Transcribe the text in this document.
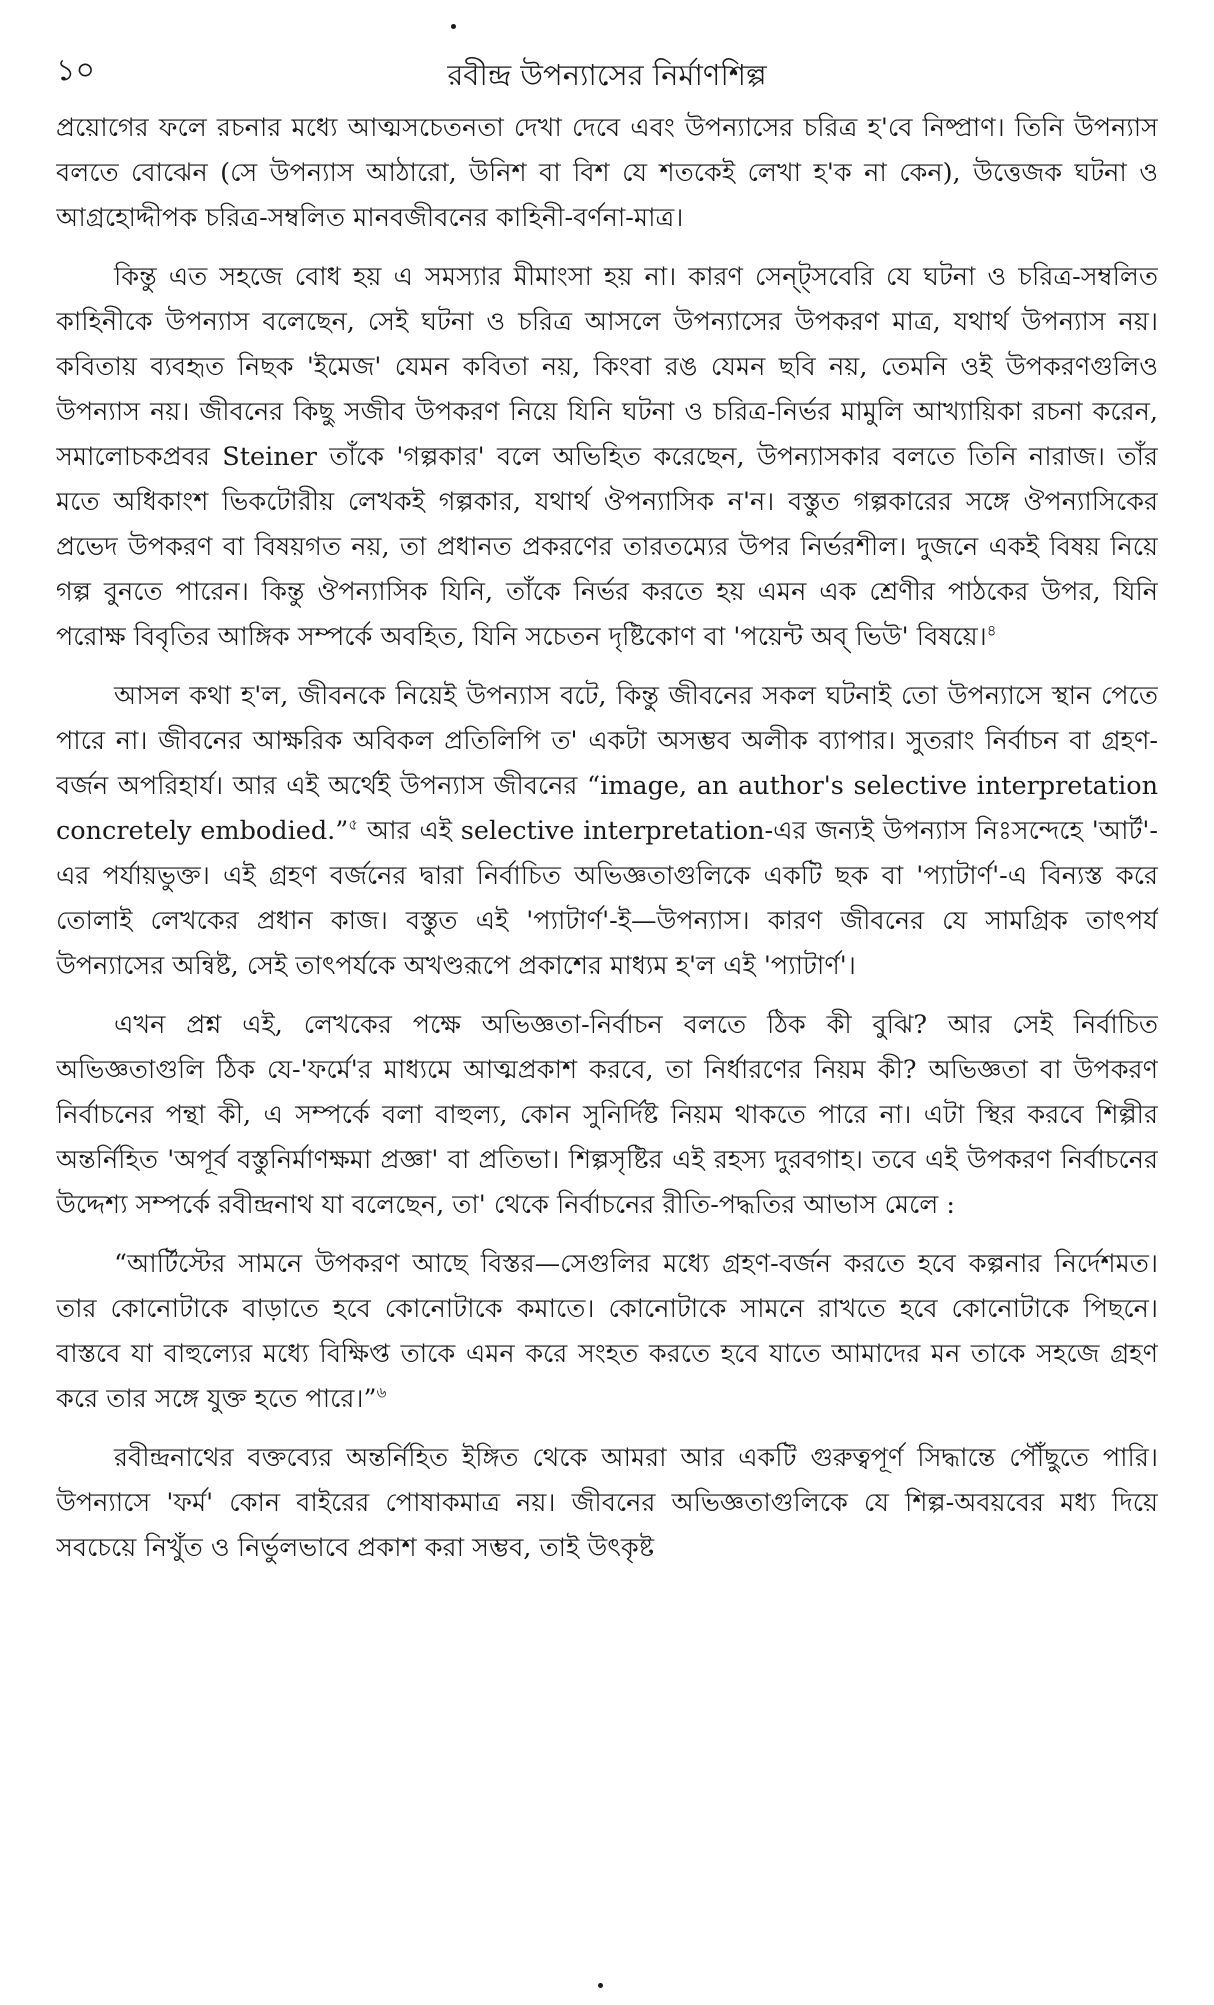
১০	রবীন্দ্র উপন্যাসের নির্মাণশিল্প

প্রয়োগের ফলে রচনার মধ্যে আত্মসচেতনতা দেখা দেবে এবং উপন্যাসের চরিত্র হ'বে নিষ্প্রাণ। তিনি উপন্যাস বলতে বোঝেন (সে উপন্যাস আঠারো, উনিশ বা বিশ যে শতকেই লেখা হ'ক না কেন), উত্তেজক ঘটনা ও আগ্রহোদ্দীপক চরিত্র-সম্বলিত মানবজীবনের কাহিনী-বর্ণনা-মাত্র।

কিন্তু এত সহজে বোধ হয় এ সমস্যার মীমাংসা হয় না। কারণ সেন্ট্সবেরি যে ঘটনা ও চরিত্র-সম্বলিত কাহিনীকে উপন্যাস বলেছেন, সেই ঘটনা ও চরিত্র আসলে উপন্যাসের উপকরণ মাত্র, যথার্থ উপন্যাস নয়। কবিতায় ব্যবহৃত নিছক 'ইমেজ' যেমন কবিতা নয়, কিংবা রঙ যেমন ছবি নয়, তেমনি ওই উপকরণগুলিও উপন্যাস নয়। জীবনের কিছু সজীব উপকরণ নিয়ে যিনি ঘটনা ও চরিত্র-নির্ভর মামুলি আখ্যায়িকা রচনা করেন, সমালোচকপ্রবর Steiner তাঁকে 'গল্পকার' বলে অভিহিত করেছেন, উপন্যাসকার বলতে তিনি নারাজ। তাঁর মতে অধিকাংশ ভিকটোরীয় লেখকই গল্পকার, যথার্থ ঔপন্যাসিক ন'ন। বস্তুত গল্পকারের সঙ্গে ঔপন্যাসিকের প্রভেদ উপকরণ বা বিষয়গত নয়, তা প্রধানত প্রকরণের তারতম্যের উপর নির্ভরশীল। দুজনে একই বিষয় নিয়ে গল্প বুনতে পারেন। কিন্তু ঔপন্যাসিক যিনি, তাঁকে নির্ভর করতে হয় এমন এক শ্রেণীর পাঠকের উপর, যিনি পরোক্ষ বিবৃতির আঙ্গিক সম্পর্কে অবহিত, যিনি সচেতন দৃষ্টিকোণ বা 'পয়েন্ট অব্ ভিউ' বিষয়ে।$^৪$

আসল কথা হ'ল, জীবনকে নিয়েই উপন্যাস বটে, কিন্তু জীবনের সকল ঘটনাই তো উপন্যাসে স্থান পেতে পারে না। জীবনের আক্ষরিক অবিকল প্রতিলিপি ত' একটা অসম্ভব অলীক ব্যাপার। সুতরাং নির্বাচন বা গ্রহণ-বর্জন অপরিহার্য। আর এই অর্থেই উপন্যাস জীবনের “image, an author's selective interpretation concretely embodied.”$^৫$ আর এই selective interpretation-এর জন্যই উপন্যাস নিঃসন্দেহে 'আর্ট'-এর পর্যায়ভুক্ত। এই গ্রহণ বর্জনের দ্বারা নির্বাচিত অভিজ্ঞতাগুলিকে একটি ছক বা 'প্যাটার্ণ'-এ বিন্যস্ত করে তোলাই লেখকের প্রধান কাজ। বস্তুত এই 'প্যাটার্ণ'-ই—উপন্যাস। কারণ জীবনের যে সামগ্রিক তাৎপর্য উপন্যাসের অন্বিষ্ট, সেই তাৎপর্যকে অখণ্ডরূপে প্রকাশের মাধ্যম হ'ল এই 'প্যাটার্ণ'।

এখন প্রশ্ন এই, লেখকের পক্ষে অভিজ্ঞতা-নির্বাচন বলতে ঠিক কী বুঝি? আর সেই নির্বাচিত অভিজ্ঞতাগুলি ঠিক যে-'ফর্মে'র মাধ্যমে আত্মপ্রকাশ করবে, তা নির্ধারণের নিয়ম কী? অভিজ্ঞতা বা উপকরণ নির্বাচনের পন্থা কী, এ সম্পর্কে বলা বাহুল্য, কোন সুনির্দিষ্ট নিয়ম থাকতে পারে না। এটা স্থির করবে শিল্পীর অন্তর্নিহিত 'অপূর্ব বস্তুনির্মাণক্ষমা প্রজ্ঞা' বা প্রতিভা। শিল্পসৃষ্টির এই রহস্য দুরবগাহ। তবে এই উপকরণ নির্বাচনের উদ্দেশ্য সম্পর্কে রবীন্দ্রনাথ যা বলেছেন, তা' থেকে নির্বাচনের রীতি-পদ্ধতির আভাস মেলে :

“আর্টিস্টের সামনে উপকরণ আছে বিস্তর—সেগুলির মধ্যে গ্রহণ-বর্জন করতে হবে কল্পনার নির্দেশমত। তার কোনোটাকে বাড়াতে হবে কোনোটাকে কমাতে। কোনোটাকে সামনে রাখতে হবে কোনোটাকে পিছনে। বাস্তবে যা বাহুল্যের মধ্যে বিক্ষিপ্ত তাকে এমন করে সংহত করতে হবে যাতে আমাদের মন তাকে সহজে গ্রহণ করে তার সঙ্গে যুক্ত হতে পারে।”$^৬$

রবীন্দ্রনাথের বক্তব্যের অন্তর্নিহিত ইঙ্গিত থেকে আমরা আর একটি গুরুত্বপূর্ণ সিদ্ধান্তে পৌঁছুতে পারি। উপন্যাসে 'ফর্ম' কোন বাইরের পোষাকমাত্র নয়। জীবনের অভিজ্ঞতাগুলিকে যে শিল্প-অবয়বের মধ্য দিয়ে সবচেয়ে নিখুঁত ও নির্ভুলভাবে প্রকাশ করা সম্ভব, তাই উৎকৃষ্ট
